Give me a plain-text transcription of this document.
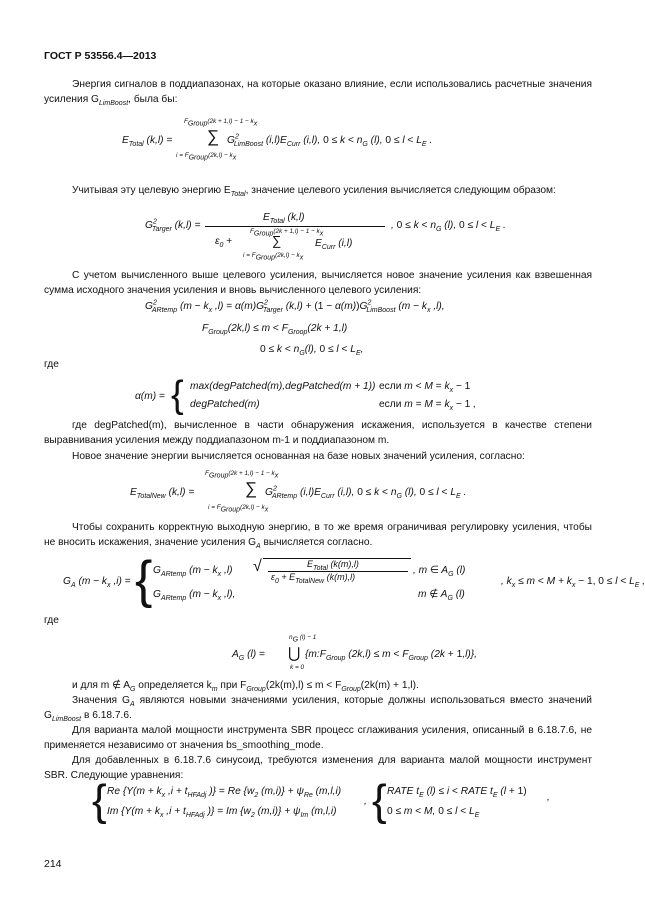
ГОСТ Р 53556.4—2013
Энергия сигналов в поддиапазонах, на которые оказано влияние, если использовались расчетные значения усиления $G_{LimBoost}$, была бы:
$F_{Group}(2k + 1,l) - 1 - k_x$
$E_{Total}$ (k,l) = ∑ $G^2_{LimBoost}$ $(i,l)E_{Curr}$ (i,l), $0 \le k < n_G$ (l), $0 \le l < L_E$ .
$i = F_{Group}(2k,l) - k_x$
Учитывая эту целевую энергию $E_{Total}$, значение целевого усиления вычисляется следующим образом:
$G^2_{Targer}$ (k,l) =
$E_{Total}$ (k,l)
$F_{Group}(2k + 1,l) - 1 - k_x$
$\varepsilon_0$ +	∑	$E_{Curr}$ (i,l)
$i = F_{Group}(2k,l) - k_x$
, $0 \le k < n_G$ (l), $0 \le l < L_E$ .
С учетом вычисленного выше целевого усиления, вычисляется новое значение усиления как взвешенная сумма исходного значения усиления и вновь вычисленного целевого усиления:
$G^2_{ARtemp}$ ($m - k_x$ $,l) = \alpha(m)G^2_{Targer}$ $(k,l) + (1 - \alpha(m))G^2_{LimBoost}$ ($m - k_x$ ,l),
$F_{Group}(2k,l) \le m < F_{Groop}(2k + 1,l)$
$0 \le k < n_G(l)$, $0 \le l < L_E$,
где
α(m) = { max(degPatched(m),degPatched(m + 1)) если $m < M = k_x - 1$
degPatched(m)	если $m = M = k_x - 1$ ,
где degPatched(m), вычисленное в части обнаружения искажения, используется в качестве степени выравнивания усиления между поддиапазоном m-1 и поддиапазоном m.
Новое значение энергии вычисляется основанная на базе новых значений усиления, согласно:
$F_{Group}(2k + 1,l) - 1 - k_x$
$E_{TotalNew}$ (k,l) =	∑ $G^2_{ARtemp}$ $(i,l)E_{Curr}$ (i,l), $0 \le k < n_G$ (l), $0 \le l < L_E$ .
$i = F_{Group}(2k,l) - k_x$
Чтобы сохранить корректную выходную энергию, в то же время ограничивая регулировку усиления, чтобы не вносить искажения, значение усиления $G_A$ вычисляется согласно.
$G_A$ ($m - k_x$ ,i) = { $G_{ARtemp}$ ($m - k_x$ ,l) √	$E_{Total}$ (k(m),l)
$\varepsilon_0 + E_{TotalNew}$ (k(m),l)
, m ∈ $A_G$ (l)
$G_{ARtemp}$ ($m - k_x$ ,l),	m ∉ $A_G$ (l)
, $k_x \le m < M + k_x - 1$, $0 \le l < L_E$ ,
где
$n_G$ (l) − 1
$A_G$ (l) = ⋃ {$m:F_{Group}$ $(2k,l) \le m < F_{Group}$ (2k + 1,l)},
k = 0
и для m ∉ $A_G$ определяется $k_m$ при $F_{Group}(2k(m),l) \le m < F_{Group}(2k(m) + 1,l)$.
Значения $G_A$ являются новыми значениями усиления, которые должны использоваться вместо значений $G_{LimBoost}$ в 6.18.7.6.
Для варианта малой мощности инструмента SBR процесс сглаживания усиления, описанный в 6.18.7.6, не применяется независимо от значения bs_smoothing_mode.
Для добавленных в 6.18.7.6 синусоид, требуются изменения для варианта малой мощности инструмент SBR. Следующие уравнения:
{ Re {$Y(m + k_x$ $,i + t_{HFAdj}$ )} = Re {$w_2$ $(m,i)\} + \psi_{Re}$ (m,l,i)
Im {$Y(m + k_x$ $,i + t_{HFAdj}$ )} = Im {$w_2$ $(m,i)\} + \psi_{Im}$ (m,l,i)
, { RATE $t_E$ (l) ≤ i < RATE $t_E$ (l + 1)
0 ≤ m < M, $0 \le l < L_E$
,
214
